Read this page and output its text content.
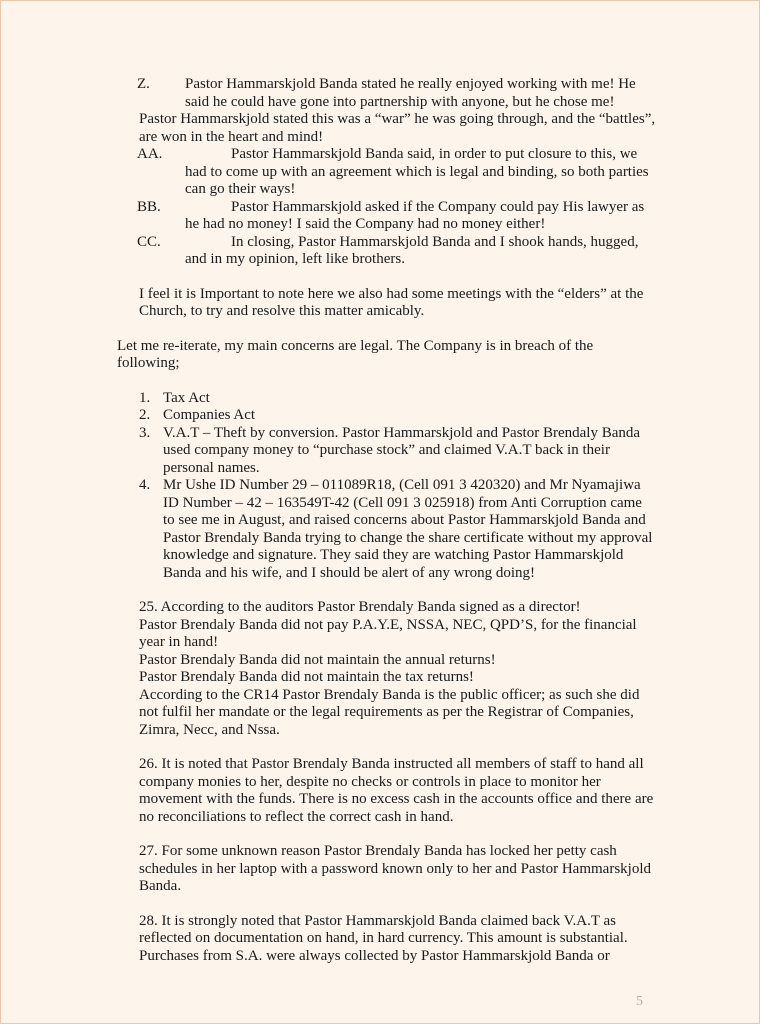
Z. Pastor Hammarskjold Banda stated he really enjoyed working with me! He said he could have gone into partnership with anyone, but he chose me!
Pastor Hammarskjold stated this was a “war” he was going through, and the “battles”, are won in the heart and mind!
AA.	Pastor Hammarskjold Banda said, in order to put closure to this, we had to come up with an agreement which is legal and binding, so both parties can go their ways!
BB.	Pastor Hammarskjold asked if the Company could pay His lawyer as he had no money! I said the Company had no money either!
CC.	In closing, Pastor Hammarskjold Banda and I shook hands, hugged, and in my opinion, left like brothers.
I feel it is Important to note here we also had some meetings with the “elders” at the Church, to try and resolve this matter amicably.
Let me re-iterate, my main concerns are legal. The Company is in breach of the following;
1. Tax Act
2. Companies Act
3. V.A.T – Theft by conversion. Pastor Hammarskjold and Pastor Brendaly Banda used company money to “purchase stock” and claimed V.A.T back in their personal names.
4. Mr Ushe ID Number 29 – 011089R18, (Cell 091 3 420320) and Mr Nyamajiwa ID Number – 42 – 163549T-42 (Cell 091 3 025918) from Anti Corruption came to see me in August, and raised concerns about Pastor Hammarskjold Banda and Pastor Brendaly Banda trying to change the share certificate without my approval knowledge and signature. They said they are watching Pastor Hammarskjold Banda and his wife, and I should be alert of any wrong doing!
25. According to the auditors Pastor Brendaly Banda signed as a director!
Pastor Brendaly Banda did not pay P.A.Y.E, NSSA, NEC, QPD’S, for the financial year in hand!
Pastor Brendaly Banda did not maintain the annual returns!
Pastor Brendaly Banda did not maintain the tax returns!
According to the CR14 Pastor Brendaly Banda is the public officer; as such she did not fulfil her mandate or the legal requirements as per the Registrar of Companies, Zimra, Necc, and Nssa.
26. It is noted that Pastor Brendaly Banda instructed all members of staff to hand all company monies to her, despite no checks or controls in place to monitor her movement with the funds. There is no excess cash in the accounts office and there are no reconciliations to reflect the correct cash in hand.
27. For some unknown reason Pastor Brendaly Banda has locked her petty cash schedules in her laptop with a password known only to her and Pastor Hammarskjold Banda.
28. It is strongly noted that Pastor Hammarskjold Banda claimed back V.A.T as reflected on documentation on hand, in hard currency. This amount is substantial. Purchases from S.A. were always collected by Pastor Hammarskjold Banda or
5
